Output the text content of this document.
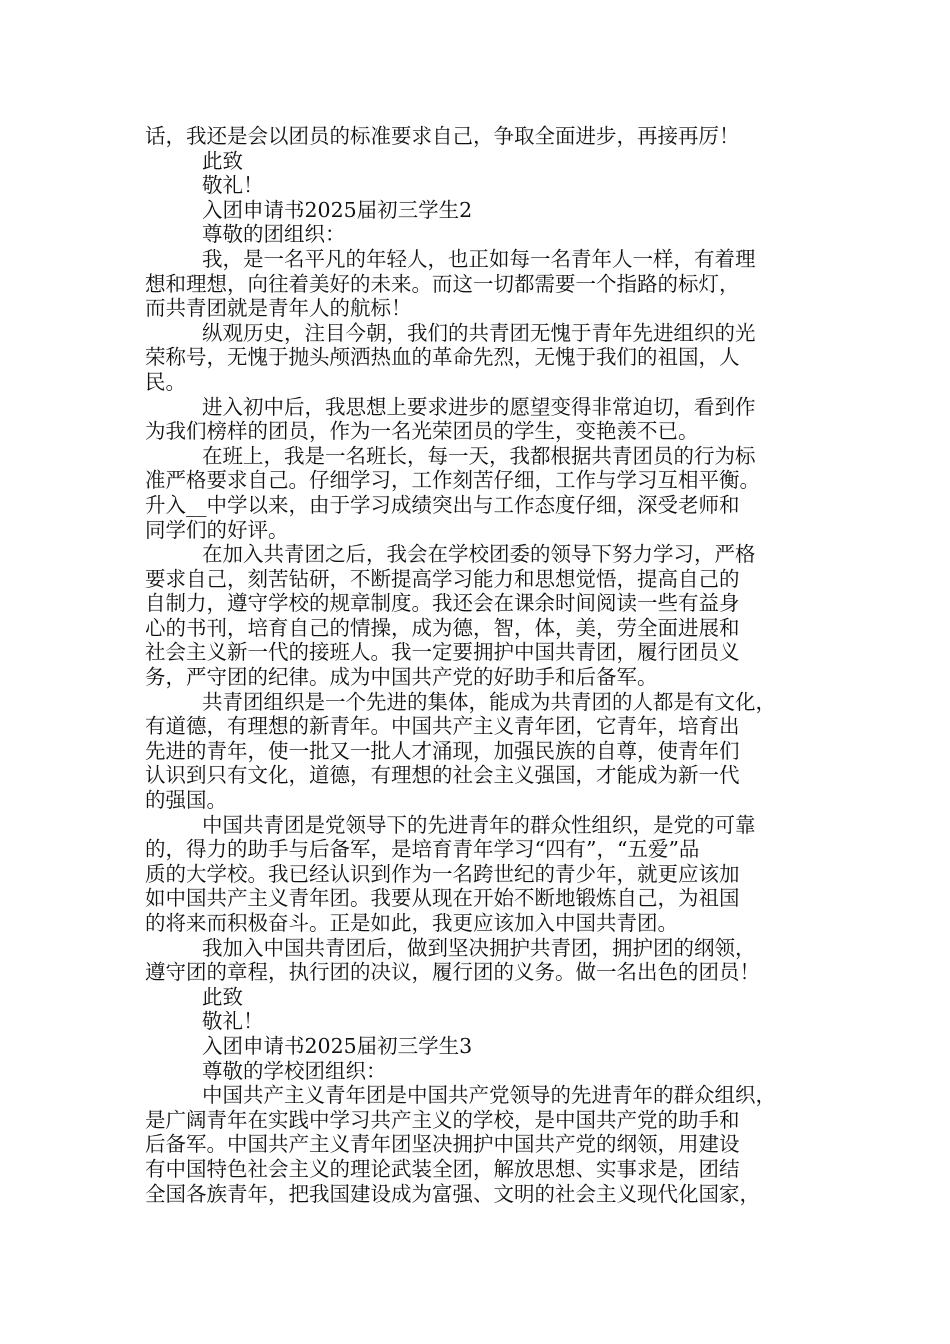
话，我还是会以团员的标准要求自己，争取全面进步，再接再厉！
此致
敬礼！
入团申请书2025届初三学生2
尊敬的团组织：
我，是一名平凡的年轻人，也正如每一名青年人一样，有着理
想和理想，向往着美好的未来。而这一切都需要一个指路的标灯，
而共青团就是青年人的航标！
纵观历史，注目今朝，我们的共青团无愧于青年先进组织的光
荣称号，无愧于抛头颅洒热血的革命先烈，无愧于我们的祖国，人
民。
进入初中后，我思想上要求进步的愿望变得非常迫切，看到作
为我们榜样的团员，作为一名光荣团员的学生，变艳羡不已。
在班上，我是一名班长，每一天，我都根据共青团员的行为标
准严格要求自己。仔细学习，工作刻苦仔细，工作与学习互相平衡。
升入__中学以来，由于学习成绩突出与工作态度仔细，深受老师和
同学们的好评。
在加入共青团之后，我会在学校团委的领导下努力学习，严格
要求自己，刻苦钻研，不断提高学习能力和思想觉悟，提高自己的
自制力，遵守学校的规章制度。我还会在课余时间阅读一些有益身
心的书刊，培育自己的情操，成为德，智，体，美，劳全面进展和
社会主义新一代的接班人。我一定要拥护中国共青团，履行团员义
务，严守团的纪律。成为中国共产党的好助手和后备军。
共青团组织是一个先进的集体，能成为共青团的人都是有文化，
有道德，有理想的新青年。中国共产主义青年团，它青年，培育出
先进的青年，使一批又一批人才涌现，加强民族的自尊，使青年们
认识到只有文化，道德，有理想的社会主义强国，才能成为新一代
的强国。
中国共青团是党领导下的先进青年的群众性组织，是党的可靠
的，得力的助手与后备军，是培育青年学习“四有”，“五爱”品
质的大学校。我已经认识到作为一名跨世纪的青少年，就更应该加
如中国共产主义青年团。我要从现在开始不断地锻炼自己，为祖国
的将来而积极奋斗。正是如此，我更应该加入中国共青团。
我加入中国共青团后，做到坚决拥护共青团，拥护团的纲领，
遵守团的章程，执行团的决议，履行团的义务。做一名出色的团员！
此致
敬礼！
入团申请书2025届初三学生3
尊敬的学校团组织：
中国共产主义青年团是中国共产党领导的先进青年的群众组织，
是广阔青年在实践中学习共产主义的学校，是中国共产党的助手和
后备军。中国共产主义青年团坚决拥护中国共产党的纲领，用建设
有中国特色社会主义的理论武装全团，解放思想、实事求是，团结
全国各族青年，把我国建设成为富强、文明的社会主义现代化国家，
